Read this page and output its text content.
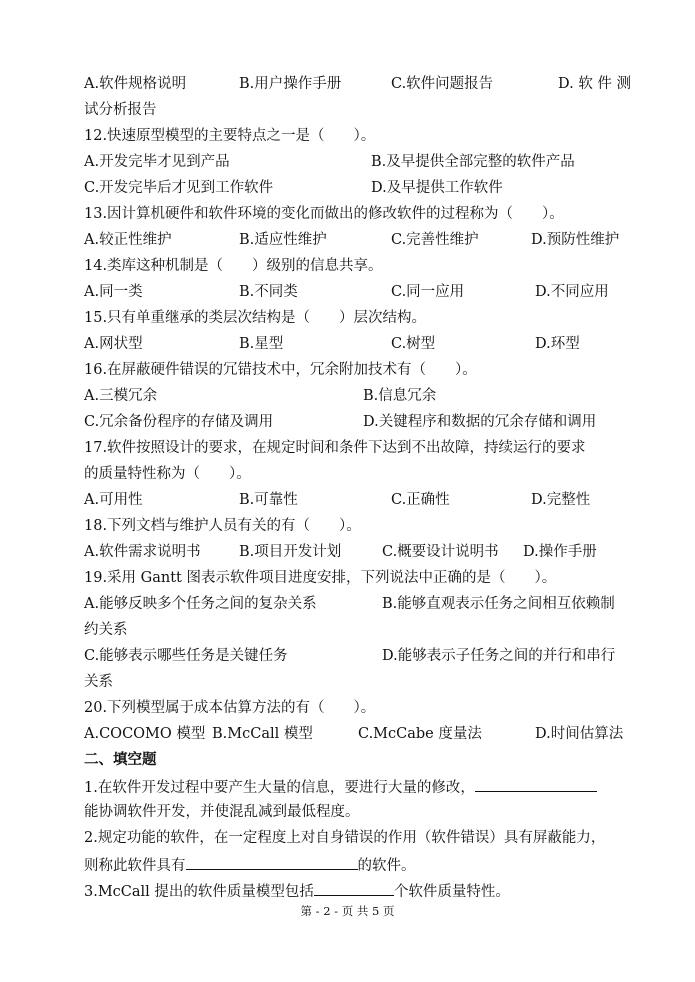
A.软件规格说明	B.用户操作手册	C.软件问题报告	D. 软 件 测
试分析报告
12.快速原型模型的主要特点之一是（　　）。
A.开发完毕才见到产品	B.及早提供全部完整的软件产品
C.开发完毕后才见到工作软件	D.及早提供工作软件
13.因计算机硬件和软件环境的变化而做出的修改软件的过程称为（　　）。
A.较正性维护	B.适应性维护	C.完善性维护	D.预防性维护
14.类库这种机制是（　　）级别的信息共享。
A.同一类	B.不同类	C.同一应用	D.不同应用
15.只有单重继承的类层次结构是（　　）层次结构。
A.网状型	B.星型	C.树型	D.环型
16.在屏蔽硬件错误的冗错技术中，冗余附加技术有（　　）。
A.三模冗余	B.信息冗余
C.冗余备份程序的存储及调用	D.关键程序和数据的冗余存储和调用
17.软件按照设计的要求，在规定时间和条件下达到不出故障，持续运行的要求
的质量特性称为（　　）。
A.可用性	B.可靠性	C.正确性	D.完整性
18.下列文档与维护人员有关的有（　　）。
A.软件需求说明书	B.项目开发计划	C.概要设计说明书 D.操作手册
19.采用 Gantt 图表示软件项目进度安排，下列说法中正确的是（　　）。
A.能够反映多个任务之间的复杂关系	B.能够直观表示任务之间相互依赖制
约关系
C.能够表示哪些任务是关键任务	D.能够表示子任务之间的并行和串行
关系
20.下列模型属于成本估算方法的有（　　）。
A.COCOMO 模型 B.McCall 模型	C.McCabe 度量法	D.时间估算法
二、填空题
1.在软件开发过程中要产生大量的信息，要进行大量的修改，
能协调软件开发，并使混乱减到最低程度。
2.规定功能的软件，在一定程度上对自身错误的作用（软件错误）具有屏蔽能力，
则称此软件具有	的软件。
3.McCall 提出的软件质量模型包括	个软件质量特性。
第 - 2 - 页 共 5 页
